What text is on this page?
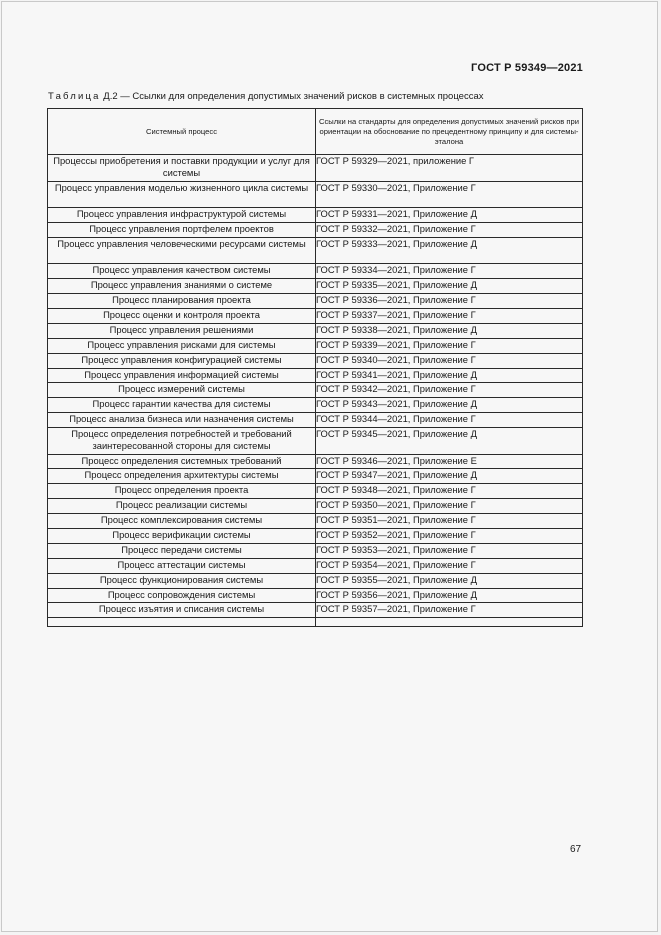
ГОСТ Р 59349—2021
Таблица Д.2 — Ссылки для определения допустимых значений рисков в системных процессах
Системный процесс	Ссылки на стандарты для определения допустимых значений рисков при ориентации на обоснование по прецедентному принципу и для системы-эталона
Процессы приобретения и поставки продукции и услуг для системы	ГОСТ Р 59329—2021, приложение Г
Процесс управления моделью жизненного цикла системы	ГОСТ Р 59330—2021, Приложение Г
Процесс управления инфраструктурой системы	ГОСТ Р 59331—2021, Приложение Д
Процесс управления портфелем проектов	ГОСТ Р 59332—2021, Приложение Г
Процесс управления человеческими ресурсами системы	ГОСТ Р 59333—2021, Приложение Д
Процесс управления качеством системы	ГОСТ Р 59334—2021, Приложение Г
Процесс управления знаниями о системе	ГОСТ Р 59335—2021, Приложение Д
Процесс планирования проекта	ГОСТ Р 59336—2021, Приложение Г
Процесс оценки и контроля проекта	ГОСТ Р 59337—2021, Приложение Г
Процесс управления решениями	ГОСТ Р 59338—2021, Приложение Д
Процесс управления рисками для системы	ГОСТ Р 59339—2021, Приложение Г
Процесс управления конфигурацией системы	ГОСТ Р 59340—2021, Приложение Г
Процесс управления информацией системы	ГОСТ Р 59341—2021, Приложение Д
Процесс измерений системы	ГОСТ Р 59342—2021, Приложение Г
Процесс гарантии качества для системы	ГОСТ Р 59343—2021, Приложение Д
Процесс анализа бизнеса или назначения системы	ГОСТ Р 59344—2021, Приложение Г
Процесс определения потребностей и требований заинтересованной стороны для системы	ГОСТ Р 59345—2021, Приложение Д
Процесс определения системных требований	ГОСТ Р 59346—2021, Приложение Е
Процесс определения архитектуры системы	ГОСТ Р 59347—2021, Приложение Д
Процесс определения проекта	ГОСТ Р 59348—2021, Приложение Г
Процесс реализации системы	ГОСТ Р 59350—2021, Приложение Г
Процесс комплексирования системы	ГОСТ Р 59351—2021, Приложение Г
Процесс верификации системы	ГОСТ Р 59352—2021, Приложение Г
Процесс передачи системы	ГОСТ Р 59353—2021, Приложение Г
Процесс аттестации системы	ГОСТ Р 59354—2021, Приложение Г
Процесс функционирования системы	ГОСТ Р 59355—2021, Приложение Д
Процесс сопровождения системы	ГОСТ Р 59356—2021, Приложение Д
Процесс изъятия и списания системы	ГОСТ Р 59357—2021, Приложение Г

67
